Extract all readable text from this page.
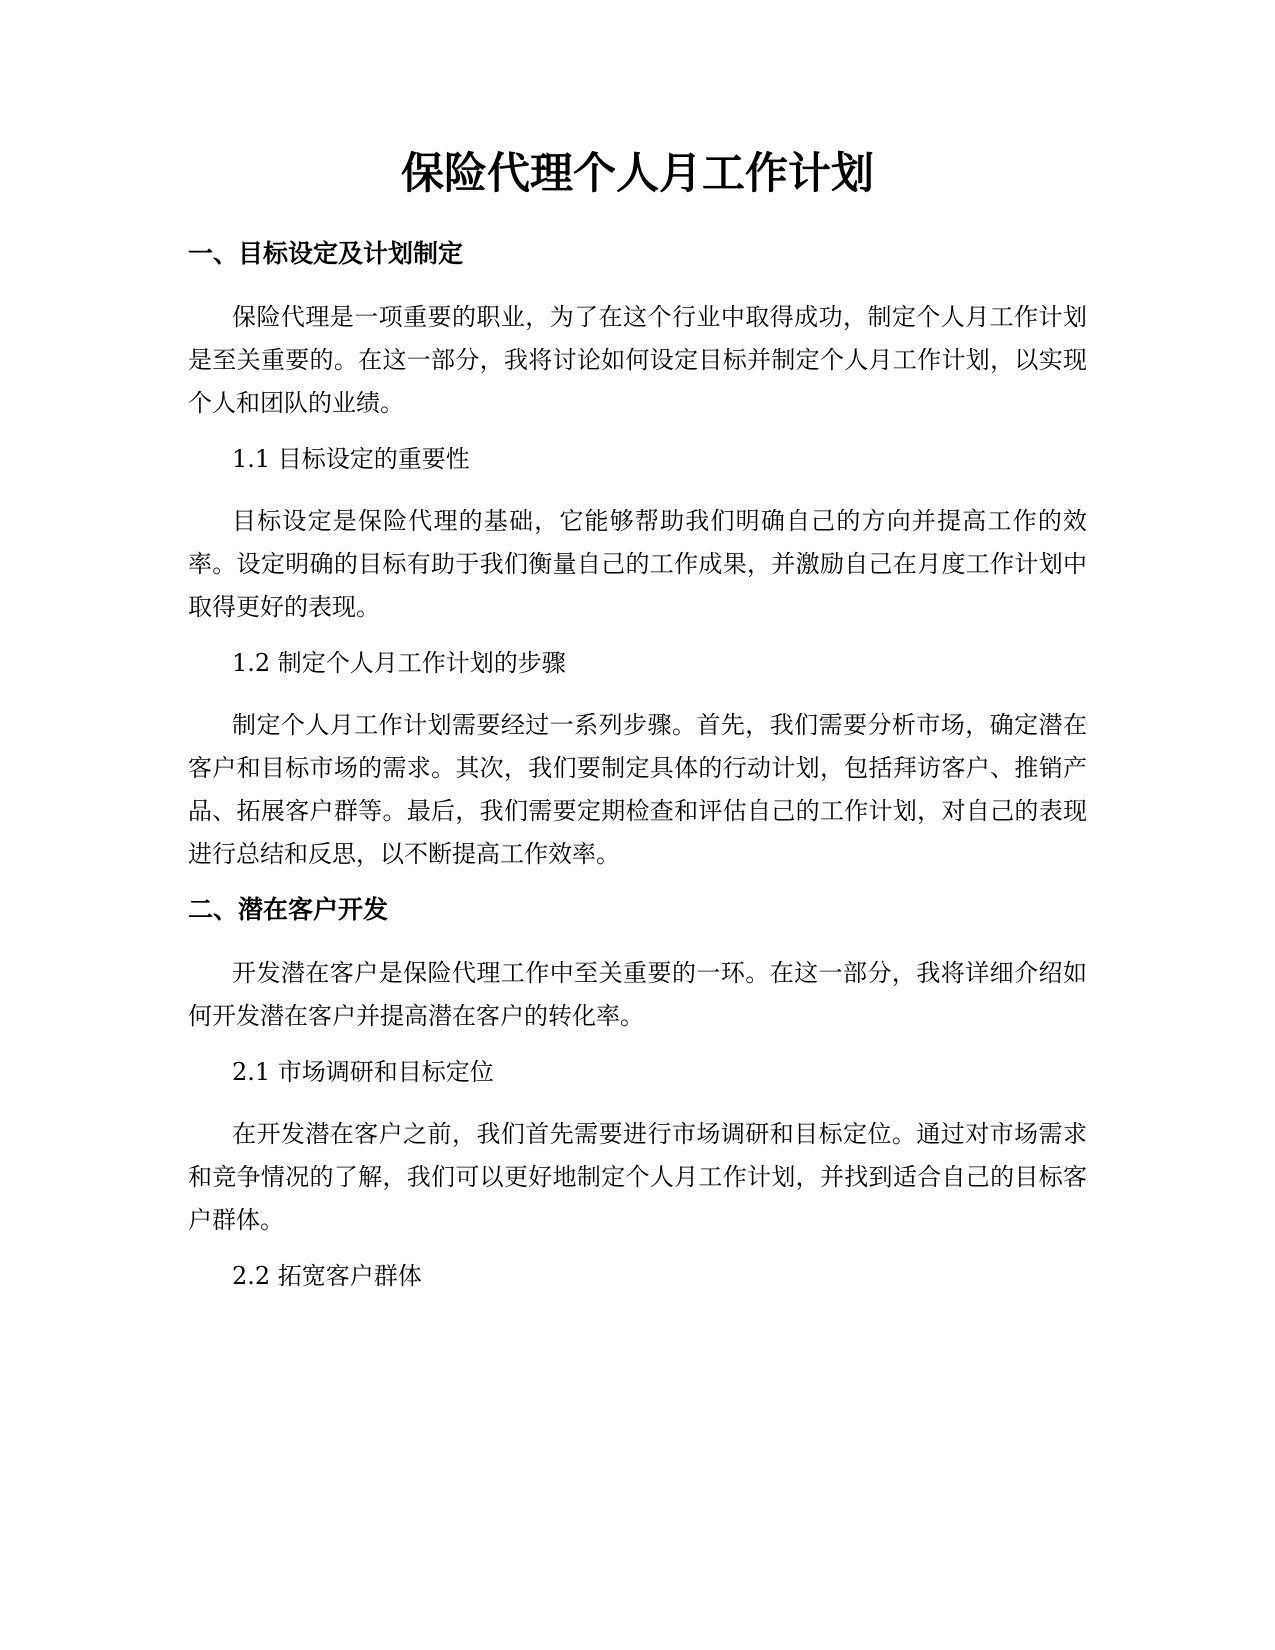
保险代理个人月工作计划
一、目标设定及计划制定

保险代理是一项重要的职业，为了在这个行业中取得成功，制定个人月工作计划是至关重要的。在这一部分，我将讨论如何设定目标并制定个人月工作计划，以实现个人和团队的业绩。

1.1 目标设定的重要性

目标设定是保险代理的基础，它能够帮助我们明确自己的方向并提高工作的效率。设定明确的目标有助于我们衡量自己的工作成果，并激励自己在月度工作计划中取得更好的表现。

1.2 制定个人月工作计划的步骤

制定个人月工作计划需要经过一系列步骤。首先，我们需要分析市场，确定潜在客户和目标市场的需求。其次，我们要制定具体的行动计划，包括拜访客户、推销产品、拓展客户群等。最后，我们需要定期检查和评估自己的工作计划，对自己的表现进行总结和反思，以不断提高工作效率。

二、潜在客户开发

开发潜在客户是保险代理工作中至关重要的一环。在这一部分，我将详细介绍如何开发潜在客户并提高潜在客户的转化率。

2.1 市场调研和目标定位

在开发潜在客户之前，我们首先需要进行市场调研和目标定位。通过对市场需求和竞争情况的了解，我们可以更好地制定个人月工作计划，并找到适合自己的目标客户群体。

2.2 拓宽客户群体
